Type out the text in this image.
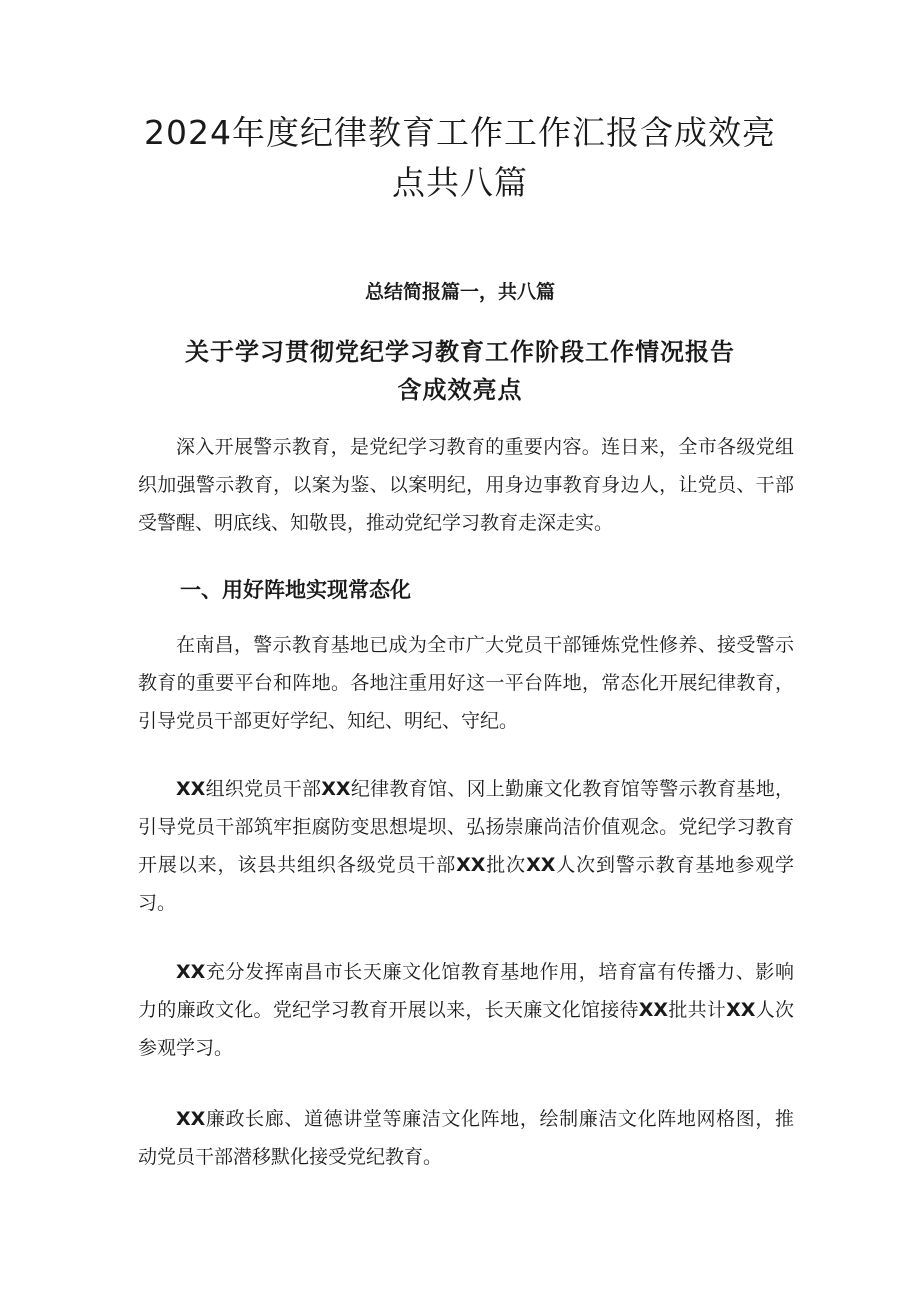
2024年度纪律教育工作工作汇报含成效亮
点共八篇

总结简报篇一，共八篇

关于学习贯彻党纪学习教育工作阶段工作情况报告
含成效亮点

深入开展警示教育，是党纪学习教育的重要内容。连日来，全市各级党组织加强警示教育，以案为鉴、以案明纪，用身边事教育身边人，让党员、干部受警醒、明底线、知敬畏，推动党纪学习教育走深走实。

一、用好阵地实现常态化

在南昌，警示教育基地已成为全市广大党员干部锤炼党性修养、接受警示教育的重要平台和阵地。各地注重用好这一平台阵地，常态化开展纪律教育，引导党员干部更好学纪、知纪、明纪、守纪。

XX组织党员干部XX纪律教育馆、冈上勤廉文化教育馆等警示教育基地，引导党员干部筑牢拒腐防变思想堤坝、弘扬崇廉尚洁价值观念。党纪学习教育开展以来，该县共组织各级党员干部XX批次XX人次到警示教育基地参观学习。

XX充分发挥南昌市长天廉文化馆教育基地作用，培育富有传播力、影响力的廉政文化。党纪学习教育开展以来，长天廉文化馆接待XX批共计XX人次参观学习。

XX廉政长廊、道德讲堂等廉洁文化阵地，绘制廉洁文化阵地网格图，推动党员干部潜移默化接受党纪教育。
